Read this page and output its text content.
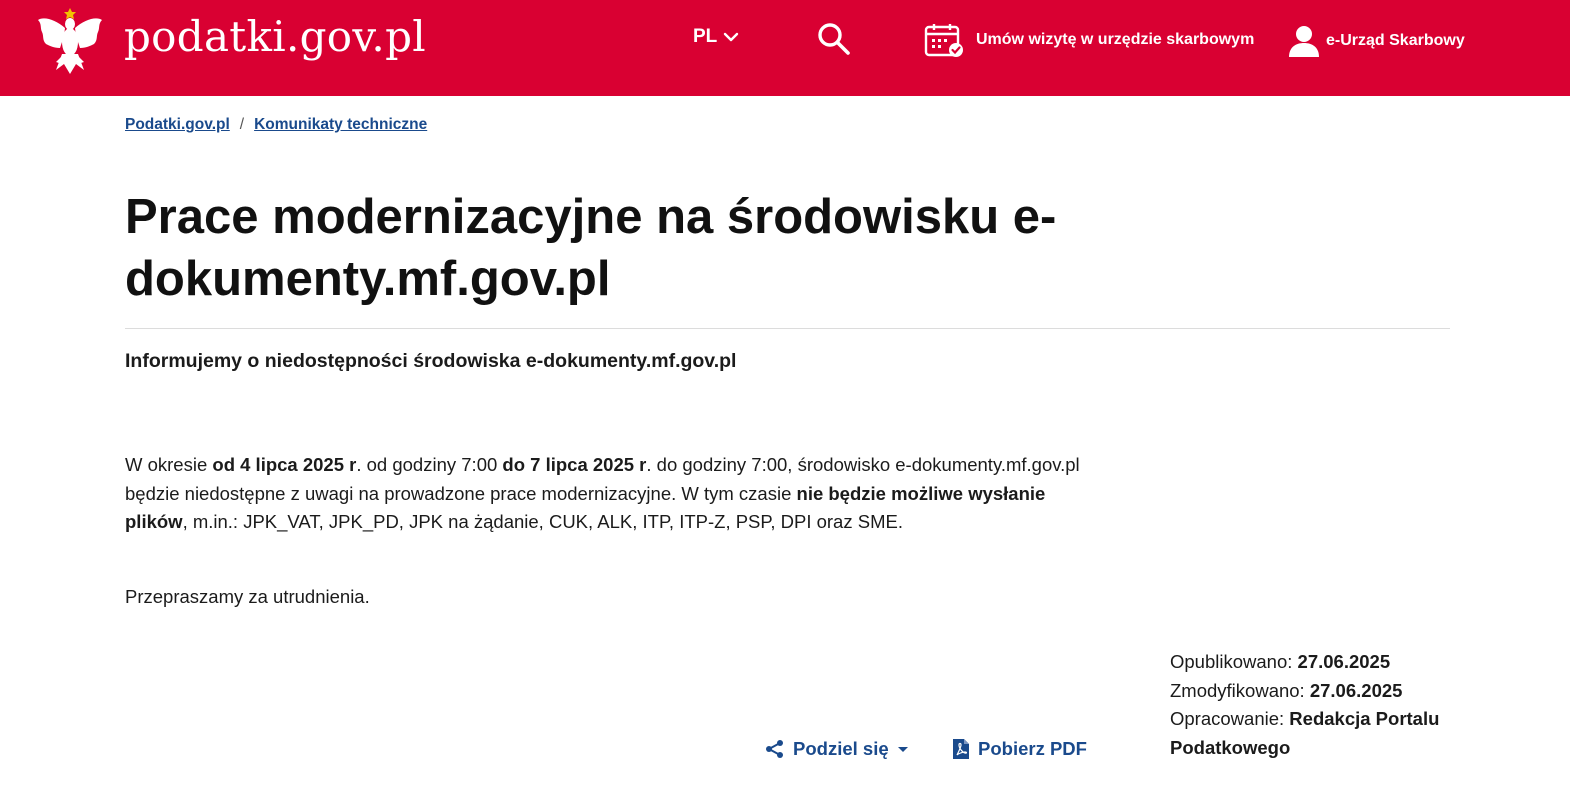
podatki.gov.pl	PL	Umów wizytę w urzędzie skarbowym	e-Urząd Skarbowy
Podatki.gov.pl / Komunikaty techniczne
Prace modernizacyjne na środowisku e-dokumenty.mf.gov.pl

Informujemy o niedostępności środowiska e-dokumenty.mf.gov.pl

W okresie od 4 lipca 2025 r. od godziny 7:00 do 7 lipca 2025 r. do godziny 7:00, środowisko e-dokumenty.mf.gov.pl będzie niedostępne z uwagi na prowadzone prace modernizacyjne. W tym czasie nie będzie możliwe wysłanie plików, m.in.: JPK_VAT, JPK_PD, JPK na żądanie, CUK, ALK, ITP, ITP-Z, PSP, DPI oraz SME.

Przepraszamy za utrudnienia.

Opublikowano: 27.06.2025
Zmodyfikowano: 27.06.2025
Opracowanie: Redakcja Portalu Podatkowego
Podziel się	Pobierz PDF
